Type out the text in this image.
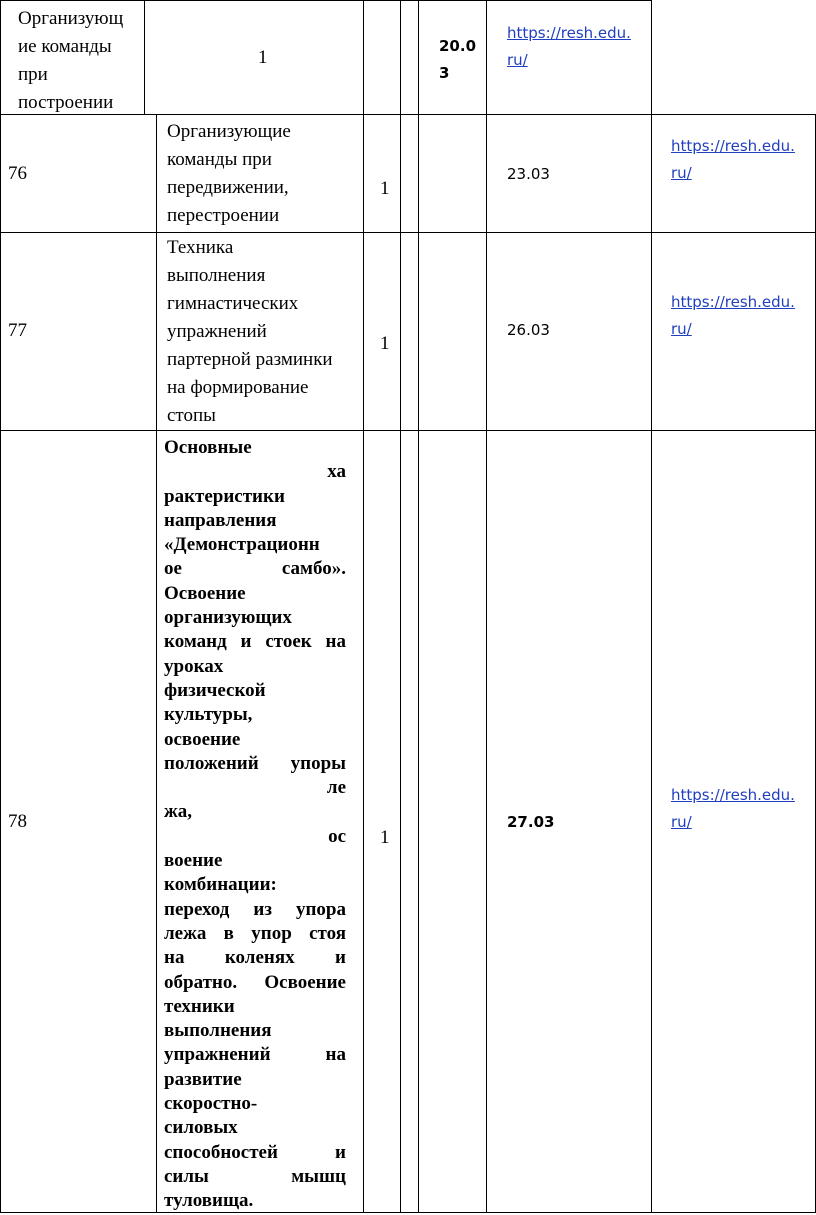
Организующ
ие команды
при
построении
1
20.0
3
https://resh.edu.
ru/
76
Организующие
команды при
передвижении,
перестроении
1
23.03
https://resh.edu.
ru/
77
Техника
выполнения
гимнастических
упражнений
партерной разминки
на формирование
стопы
1
26.03
https://resh.edu.
ru/
78
Основные
ха
рактеристики
направления
«Демонстрационн
ое самбо».
Освоение
организующих
команд и стоек на
уроках
физической
культуры,
освоение
положений упоры
ле
жа,
ос
воение
комбинации:
переход из упора
лежа в упор стоя
на коленях и
обратно. Освоение
техники
выполнения
упражнений на
развитие
скоростно-
силовых
способностей и
силы мышц
туловища.
1
27.03
https://resh.edu.
ru/
